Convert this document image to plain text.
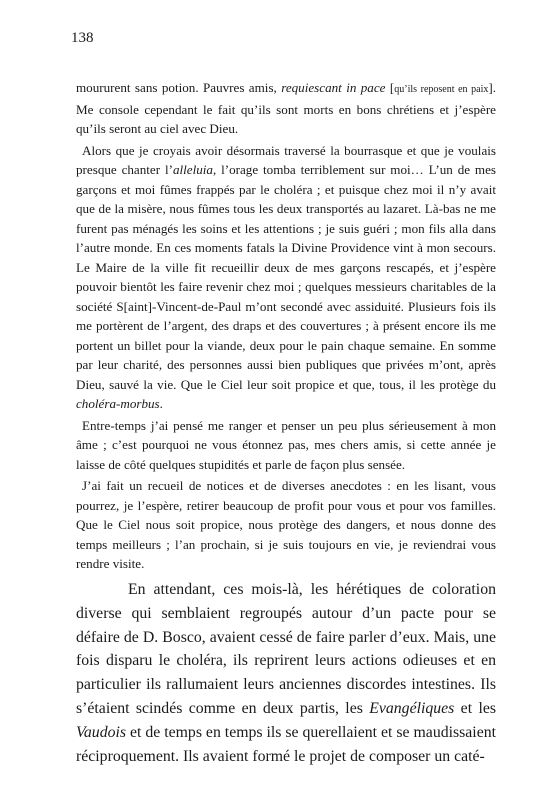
138

moururent sans potion. Pauvres amis, requiescant in pace [qu’ils reposent en paix]. Me console cependant le fait qu’ils sont morts en bons chrétiens et j’espère qu’ils seront au ciel avec Dieu.

Alors que je croyais avoir désormais traversé la bourrasque et que je voulais presque chanter l’alleluia, l’orage tomba terriblement sur moi… L’un de mes garçons et moi fûmes frappés par le choléra ; et puisque chez moi il n’y avait que de la misère, nous fûmes tous les deux transportés au lazaret. Là-bas ne me furent pas ménagés les soins et les attentions ; je suis guéri ; mon fils alla dans l’autre monde. En ces moments fatals la Divine Providence vint à mon secours. Le Maire de la ville fit recueillir deux de mes garçons rescapés, et j’espère pouvoir bientôt les faire revenir chez moi ; quelques messieurs charitables de la société S[aint]-Vincent-de-Paul m’ont secondé avec assiduité. Plusieurs fois ils me portèrent de l’argent, des draps et des couvertures ; à présent encore ils me portent un billet pour la viande, deux pour le pain chaque semaine. En somme par leur charité, des personnes aussi bien publiques que privées m’ont, après Dieu, sauvé la vie. Que le Ciel leur soit propice et que, tous, il les protège du choléra-morbus.

Entre-temps j’ai pensé me ranger et penser un peu plus sérieusement à mon âme ; c’est pourquoi ne vous étonnez pas, mes chers amis, si cette année je laisse de côté quelques stupidités et parle de façon plus sensée.

J’ai fait un recueil de notices et de diverses anecdotes : en les lisant, vous pourrez, je l’espère, retirer beaucoup de profit pour vous et pour vos familles. Que le Ciel nous soit propice, nous protège des dangers, et nous donne des temps meilleurs ; l’an prochain, si je suis toujours en vie, je reviendrai vous rendre visite.

En attendant, ces mois-là, les hérétiques de coloration diverse qui semblaient regroupés autour d’un pacte pour se défaire de D. Bosco, avaient cessé de faire parler d’eux. Mais, une fois disparu le choléra, ils reprirent leurs actions odieuses et en particulier ils rallumaient leurs anciennes discordes intestines. Ils s’étaient scindés comme en deux partis, les Evangéliques et les Vaudois et de temps en temps ils se querellaient et se maudissaient réciproquement. Ils avaient formé le projet de composer un caté-
